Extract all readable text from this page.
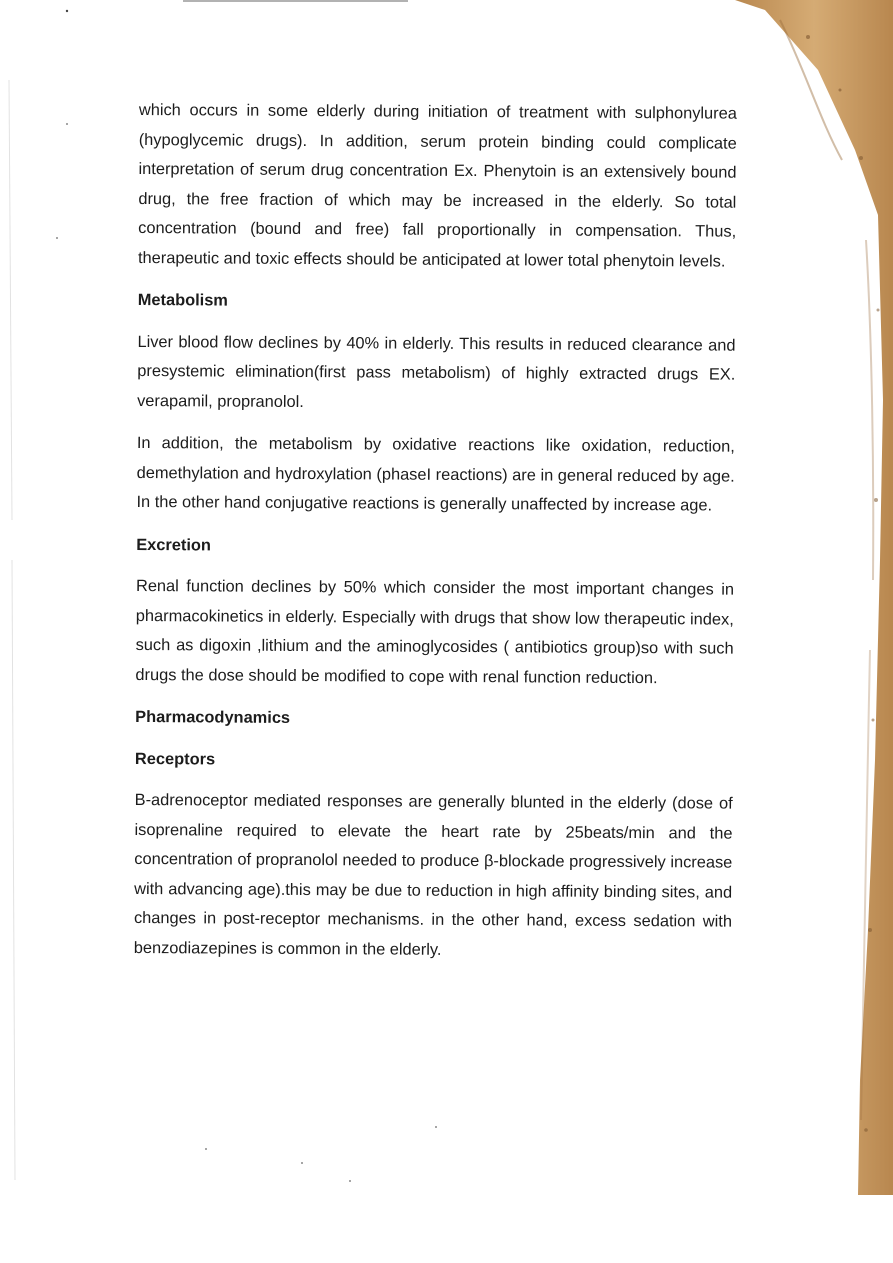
which occurs in some elderly during initiation of treatment with sulphonylurea (hypoglycemic drugs). In addition, serum protein binding could complicate interpretation of serum drug concentration Ex. Phenytoin is an extensively bound drug, the free fraction of which may be increased in the elderly. So total concentration (bound and free) fall proportionally in compensation. Thus, therapeutic and toxic effects should be anticipated at lower total phenytoin levels.

Metabolism

Liver blood flow declines by 40% in elderly. This results in reduced clearance and presystemic elimination(first pass metabolism) of highly extracted drugs EX. verapamil, propranolol.

In addition, the metabolism by oxidative reactions like oxidation, reduction, demethylation and hydroxylation (phaseI reactions) are in general reduced by age. In the other hand conjugative reactions is generally unaffected by increase age.

Excretion

Renal function declines by 50% which consider the most important changes in pharmacokinetics in elderly. Especially with drugs that show low therapeutic index, such as digoxin ,lithium and the aminoglycosides ( antibiotics group)so with such drugs the dose should be modified to cope with renal function reduction.

Pharmacodynamics
Receptors

B-adrenoceptor mediated responses are generally blunted in the elderly (dose of isoprenaline required to elevate the heart rate by 25beats/min and the concentration of propranolol needed to produce β-blockade progressively increase with advancing age).this may be due to reduction in high affinity binding sites, and changes in post-receptor mechanisms. in the other hand, excess sedation with benzodiazepines is common in the elderly.
